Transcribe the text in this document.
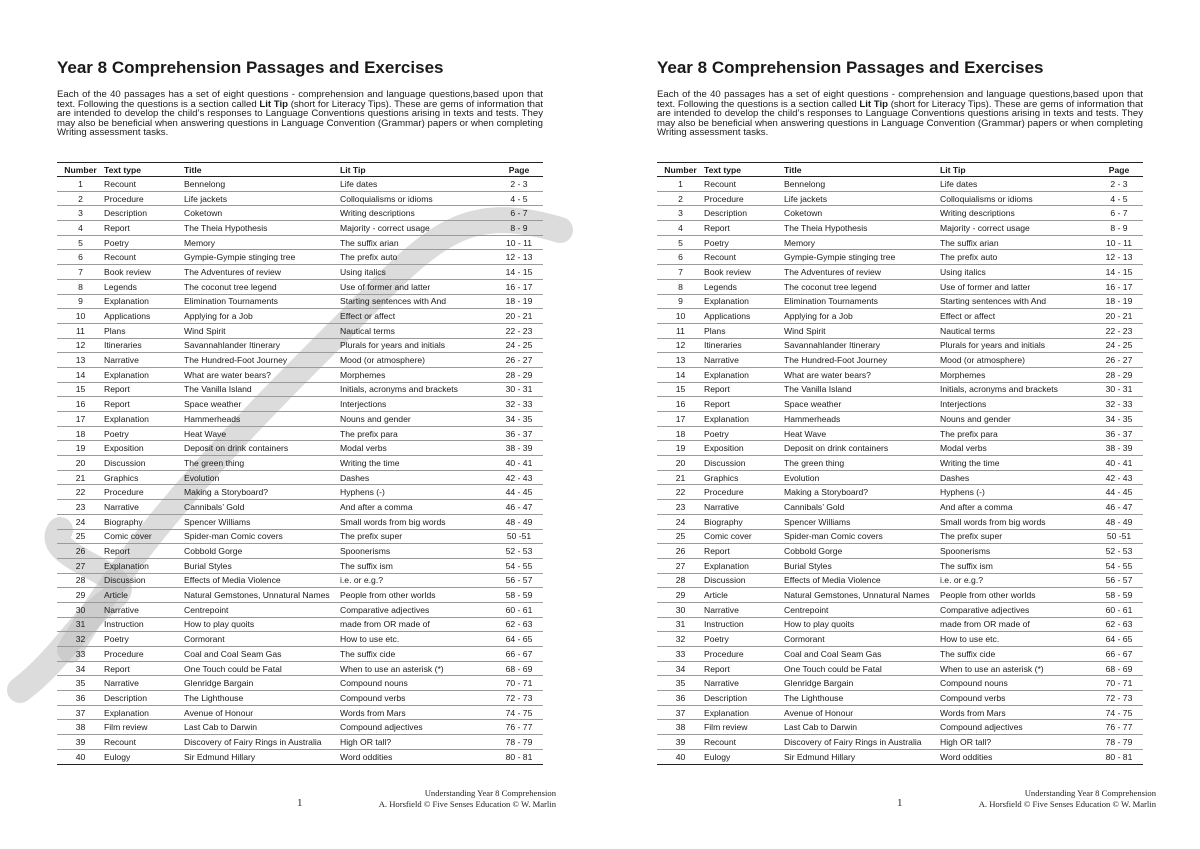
Year 8 Comprehension Passages and Exercises

Each of the 40 passages has a set of eight questions - comprehension and language questions,based upon that text. Following the questions is a section called Lit Tip (short for Literacy Tips). These are gems of information that are intended to develop the child’s responses to Language Conventions questions arising in texts and tests. They may also be beneficial when answering questions in Language Convention (Grammar) papers or when completing Writing assessment tasks.

Number	Text type	Title	Lit Tip	Page
1	Recount	Bennelong	Life dates	2 - 3
2	Procedure	Life jackets	Colloquialisms or idioms	4 - 5
3	Description	Coketown	Writing descriptions	6 - 7
4	Report	The Theia Hypothesis	Majority - correct usage	8 - 9
5	Poetry	Memory	The suffix arian	10 - 11
6	Recount	Gympie-Gympie stinging tree	The prefix auto	12 - 13
7	Book review	The Adventures of review	Using italics	14 - 15
8	Legends	The coconut tree legend	Use of former and latter	16 - 17
9	Explanation	Elimination Tournaments	Starting sentences with And	18 - 19
10	Applications	Applying for a Job	Effect or affect	20 - 21
11	Plans	Wind Spirit	Nautical terms	22 - 23
12	Itineraries	Savannahlander Itinerary	Plurals for years and initials	24 - 25
13	Narrative	The Hundred-Foot Journey	Mood (or atmosphere)	26 - 27
14	Explanation	What are water bears?	Morphemes	28 - 29
15	Report	The Vanilla Island	Initials, acronyms and brackets	30 - 31
16	Report	Space weather	Interjections	32 - 33
17	Explanation	Hammerheads	Nouns and gender	34 - 35
18	Poetry	Heat Wave	The prefix para	36 - 37
19	Exposition	Deposit on drink containers	Modal verbs	38 - 39
20	Discussion	The green thing	Writing the time	40 - 41
21	Graphics	Evolution	Dashes	42 - 43
22	Procedure	Making a Storyboard?	Hyphens (-)	44 - 45
23	Narrative	Cannibals’ Gold	And after a comma	46 - 47
24	Biography	Spencer Williams	Small words from big words	48 - 49
25	Comic cover	Spider-man Comic covers	The prefix super	50 -51
26	Report	Cobbold Gorge	Spoonerisms	52 - 53
27	Explanation	Burial Styles	The suffix ism	54 - 55
28	Discussion	Effects of Media Violence	i.e. or e.g.?	56 - 57
29	Article	Natural Gemstones, Unnatural Names	People from other worlds	58 - 59
30	Narrative	Centrepoint	Comparative adjectives	60 - 61
31	Instruction	How to play quoits	made from OR made of	62 - 63
32	Poetry	Cormorant	How to use etc.	64 - 65
33	Procedure	Coal and Coal Seam Gas	The suffix cide	66 - 67
34	Report	One Touch could be Fatal	When to use an asterisk (*)	68 - 69
35	Narrative	Glenridge Bargain	Compound nouns	70 - 71
36	Description	The Lighthouse	Compound verbs	72 - 73
37	Explanation	Avenue of Honour	Words from Mars	74 - 75
38	Film review	Last Cab to Darwin	Compound adjectives	76 - 77
39	Recount	Discovery of Fairy Rings in Australia	High OR tall?	78 - 79
40	Eulogy	Sir Edmund Hillary	Word oddities	80 - 81
1
Understanding Year 8 Comprehension
A. Horsfield © Five Senses Education © W. Marlin
Year 8 Comprehension Passages and Exercises

Each of the 40 passages has a set of eight questions - comprehension and language questions,based upon that text. Following the questions is a section called Lit Tip (short for Literacy Tips). These are gems of information that are intended to develop the child’s responses to Language Conventions questions arising in texts and tests. They may also be beneficial when answering questions in Language Convention (Grammar) papers or when completing Writing assessment tasks.

Number	Text type	Title	Lit Tip	Page
1	Recount	Bennelong	Life dates	2 - 3
2	Procedure	Life jackets	Colloquialisms or idioms	4 - 5
3	Description	Coketown	Writing descriptions	6 - 7
4	Report	The Theia Hypothesis	Majority - correct usage	8 - 9
5	Poetry	Memory	The suffix arian	10 - 11
6	Recount	Gympie-Gympie stinging tree	The prefix auto	12 - 13
7	Book review	The Adventures of review	Using italics	14 - 15
8	Legends	The coconut tree legend	Use of former and latter	16 - 17
9	Explanation	Elimination Tournaments	Starting sentences with And	18 - 19
10	Applications	Applying for a Job	Effect or affect	20 - 21
11	Plans	Wind Spirit	Nautical terms	22 - 23
12	Itineraries	Savannahlander Itinerary	Plurals for years and initials	24 - 25
13	Narrative	The Hundred-Foot Journey	Mood (or atmosphere)	26 - 27
14	Explanation	What are water bears?	Morphemes	28 - 29
15	Report	The Vanilla Island	Initials, acronyms and brackets	30 - 31
16	Report	Space weather	Interjections	32 - 33
17	Explanation	Hammerheads	Nouns and gender	34 - 35
18	Poetry	Heat Wave	The prefix para	36 - 37
19	Exposition	Deposit on drink containers	Modal verbs	38 - 39
20	Discussion	The green thing	Writing the time	40 - 41
21	Graphics	Evolution	Dashes	42 - 43
22	Procedure	Making a Storyboard?	Hyphens (-)	44 - 45
23	Narrative	Cannibals’ Gold	And after a comma	46 - 47
24	Biography	Spencer Williams	Small words from big words	48 - 49
25	Comic cover	Spider-man Comic covers	The prefix super	50 -51
26	Report	Cobbold Gorge	Spoonerisms	52 - 53
27	Explanation	Burial Styles	The suffix ism	54 - 55
28	Discussion	Effects of Media Violence	i.e. or e.g.?	56 - 57
29	Article	Natural Gemstones, Unnatural Names	People from other worlds	58 - 59
30	Narrative	Centrepoint	Comparative adjectives	60 - 61
31	Instruction	How to play quoits	made from OR made of	62 - 63
32	Poetry	Cormorant	How to use etc.	64 - 65
33	Procedure	Coal and Coal Seam Gas	The suffix cide	66 - 67
34	Report	One Touch could be Fatal	When to use an asterisk (*)	68 - 69
35	Narrative	Glenridge Bargain	Compound nouns	70 - 71
36	Description	The Lighthouse	Compound verbs	72 - 73
37	Explanation	Avenue of Honour	Words from Mars	74 - 75
38	Film review	Last Cab to Darwin	Compound adjectives	76 - 77
39	Recount	Discovery of Fairy Rings in Australia	High OR tall?	78 - 79
40	Eulogy	Sir Edmund Hillary	Word oddities	80 - 81
1
Understanding Year 8 Comprehension
A. Horsfield © Five Senses Education © W. Marlin
